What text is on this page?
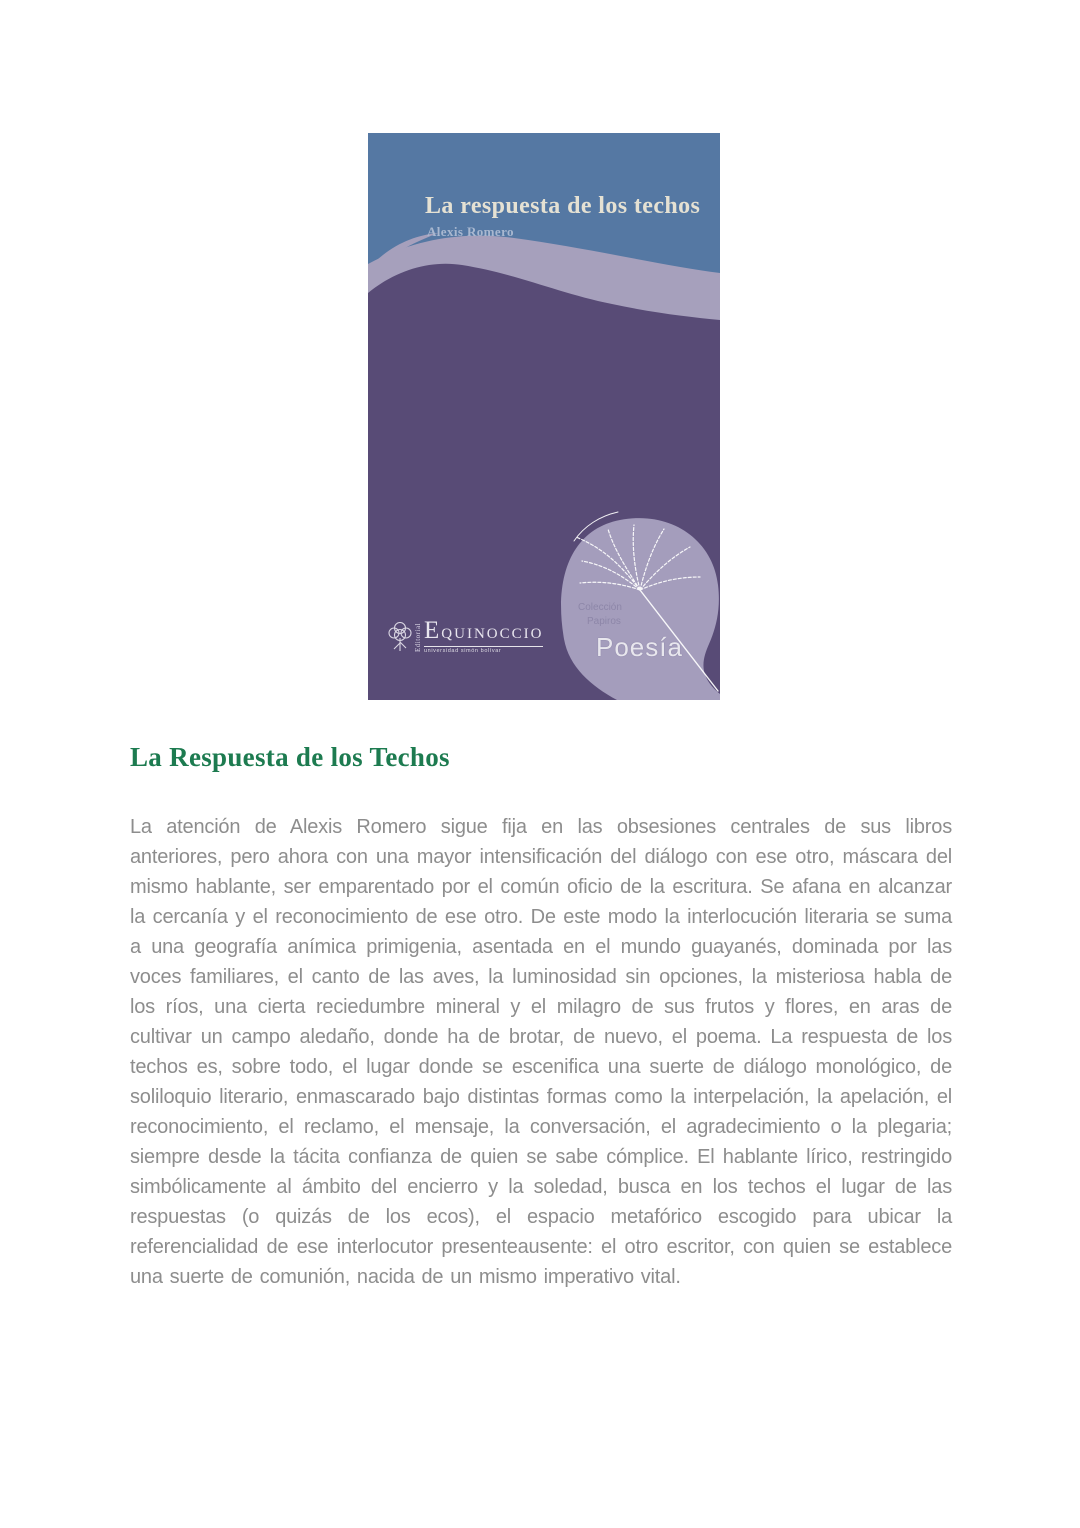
La respuesta de los techos
Alexis Romero
Editorial EQUINOCCIO
universidad simón bolívar
Colección
Papiros
Poesía
La Respuesta de los Techos

La atención de Alexis Romero sigue fija en las obsesiones centrales de sus libros anteriores, pero ahora con una mayor intensificación del diálogo con ese otro, máscara del mismo hablante, ser emparentado por el común oficio de la escritura. Se afana en alcanzar la cercanía y el reconocimiento de ese otro. De este modo la interlocución literaria se suma a una geografía anímica primigenia, asentada en el mundo guayanés, dominada por las voces familiares, el canto de las aves, la luminosidad sin opciones, la misteriosa habla de los ríos, una cierta reciedumbre mineral y el milagro de sus frutos y flores, en aras de cultivar un campo aledaño, donde ha de brotar, de nuevo, el poema. La respuesta de los techos es, sobre todo, el lugar donde se escenifica una suerte de diálogo monológico, de soliloquio literario, enmascarado bajo distintas formas como la interpelación, la apelación, el reconocimiento, el reclamo, el mensaje, la conversación, el agradecimiento o la plegaria; siempre desde la tácita confianza de quien se sabe cómplice. El hablante lírico, restringido simbólicamente al ámbito del encierro y la soledad, busca en los techos el lugar de las respuestas (o quizás de los ecos), el espacio metafórico escogido para ubicar la referencialidad de ese interlocutor presenteausente: el otro escritor, con quien se establece una suerte de comunión, nacida de un mismo imperativo vital.
